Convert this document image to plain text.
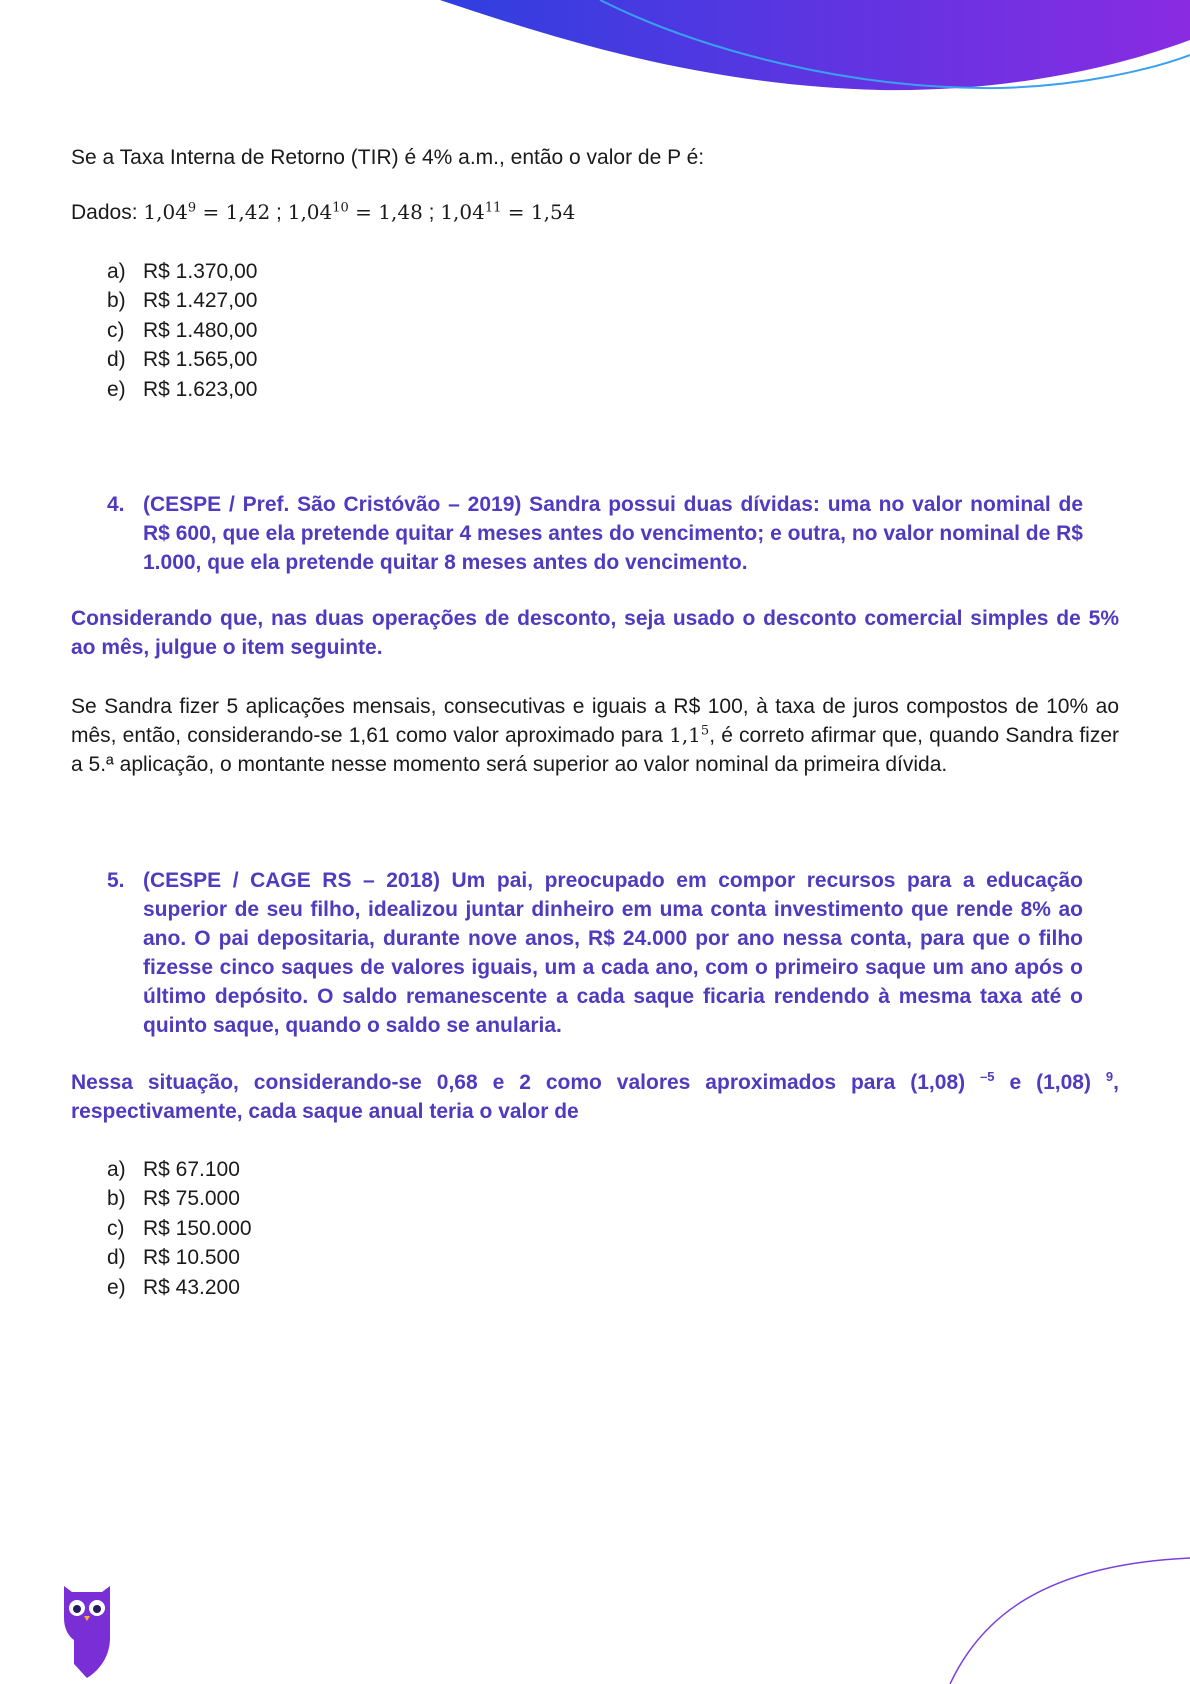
Se a Taxa Interna de Retorno (TIR) é 4% a.m., então o valor de P é:
Dados: $1,04^9 = 1,42$ ; $1,04^{10} = 1,48$ ; $1,04^{11} = 1,54$
a) R$ 1.370,00
b) R$ 1.427,00
c) R$ 1.480,00
d) R$ 1.565,00
e) R$ 1.623,00
4. (CESPE / Pref. São Cristóvão – 2019) Sandra possui duas dívidas: uma no valor nominal de R$ 600, que ela pretende quitar 4 meses antes do vencimento; e outra, no valor nominal de R$ 1.000, que ela pretende quitar 8 meses antes do vencimento.
Considerando que, nas duas operações de desconto, seja usado o desconto comercial simples de 5% ao mês, julgue o item seguinte.
Se Sandra fizer 5 aplicações mensais, consecutivas e iguais a R$ 100, à taxa de juros compostos de 10% ao mês, então, considerando-se 1,61 como valor aproximado para $1,1^5$, é correto afirmar que, quando Sandra fizer a 5.ª aplicação, o montante nesse momento será superior ao valor nominal da primeira dívida.
5. (CESPE / CAGE RS – 2018) Um pai, preocupado em compor recursos para a educação superior de seu filho, idealizou juntar dinheiro em uma conta investimento que rende 8% ao ano. O pai depositaria, durante nove anos, R$ 24.000 por ano nessa conta, para que o filho fizesse cinco saques de valores iguais, um a cada ano, com o primeiro saque um ano após o último depósito. O saldo remanescente a cada saque ficaria rendendo à mesma taxa até o quinto saque, quando o saldo se anularia.
Nessa situação, considerando-se 0,68 e 2 como valores aproximados para (1,08) $^{-5}$ e (1,08) $^9$, respectivamente, cada saque anual teria o valor de
a) R$ 67.100
b) R$ 75.000
c) R$ 150.000
d) R$ 10.500
e) R$ 43.200
